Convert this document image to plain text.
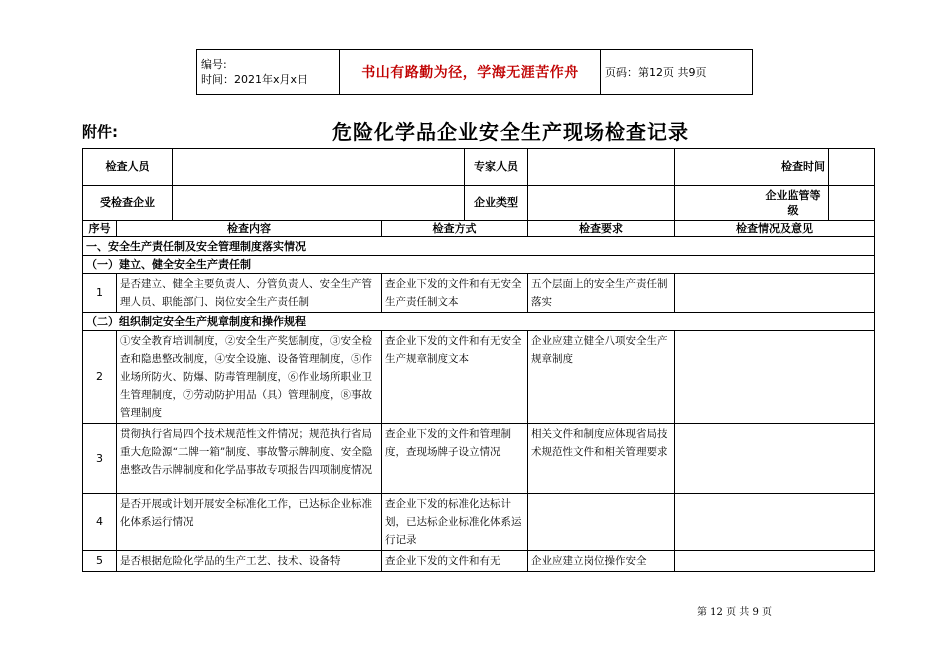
编号:
时间：2021年x月x日	书山有路勤为径，学海无涯苦作舟	页码：第12页 共9页
附件:	危险化学品企业安全生产现场检查记录
检查人员				专家人员		检查时间	
受检查企业				企业类型		企业监管等级	

序号	检查内容		检查方式		检查要求	检查情况及意见	
一、安全生产责任制及安全管理制度落实情况							
（一）建立、健全安全生产责任制							
1	是否建立、健全主要负责人、分管负责人、安全生产管理人员、职能部门、岗位安全生产责任制		查企业下发的文件和有无安全生产责任制文本		五个层面上的安全生产责任制落实		
（二）组织制定安全生产规章制度和操作规程							
2	①安全教育培训制度，②安全生产奖惩制度，③安全检查和隐患整改制度，④安全设施、设备管理制度，⑤作业场所防火、防爆、防毒管理制度，⑥作业场所职业卫生管理制度，⑦劳动防护用品（具）管理制度，⑧事故管理制度		查企业下发的文件和有无安全生产规章制度文本		企业应建立健全八项安全生产规章制度		
3	贯彻执行省局四个技术规范性文件情况；规范执行省局重大危险源“二牌一箱”制度、事故警示牌制度、安全隐患整改告示牌制度和化学品事故专项报告四项制度情况		查企业下发的文件和管理制度，查现场牌子设立情况		相关文件和制度应体现省局技术规范性文件和相关管理要求		
4	是否开展或计划开展安全标准化工作，已达标企业标准化体系运行情况		查企业下发的标准化达标计划，已达标企业标准化体系运行记录				
5	是否根据危险化学品的生产工艺、技术、设备特		查企业下发的文件和有无		企业应建立岗位操作安全		
第 12 页 共 9 页
